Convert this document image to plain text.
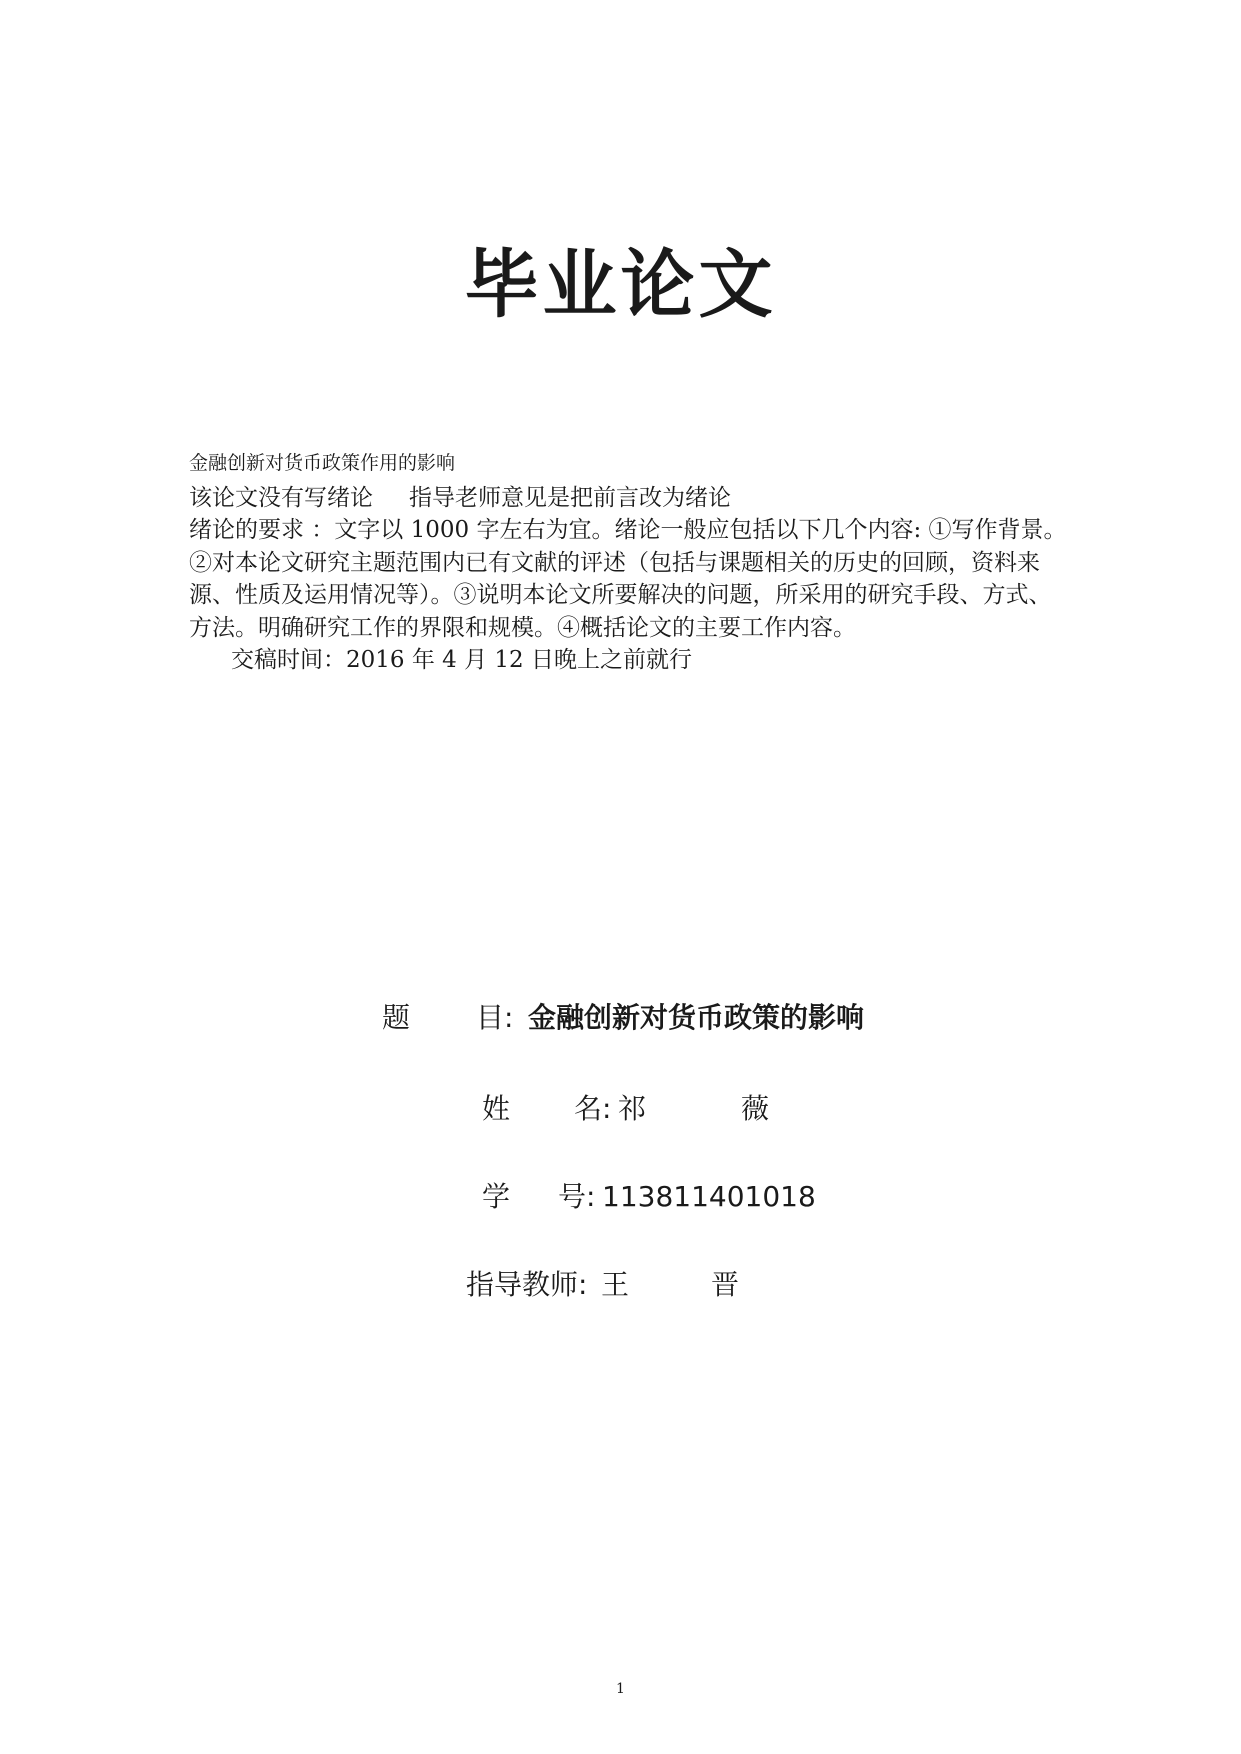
毕业论文
金融创新对货币政策作用的影响
该论文没有写绪论 指导老师意见是把前言改为绪论
绪论的要求 ：文字以 1000 字左右为宜。绪论一般应包括以下几个内容: ①写作背景。②对本论文研究主题范围内已有文献的评述（包括与课题相关的历史的回顾，资料来源、性质及运用情况等）。③说明本论文所要解决的问题，所采用的研究手段、方式、方法。明确研究工作的界限和规模。④概括论文的主要工作内容。
交稿时间：2016 年 4 月 12 日晚上之前就行
题 目: 金融创新对货币政策的影响
姓 名: 祁	薇
学 号: 113811401018
指导教师: 王	晋
1
